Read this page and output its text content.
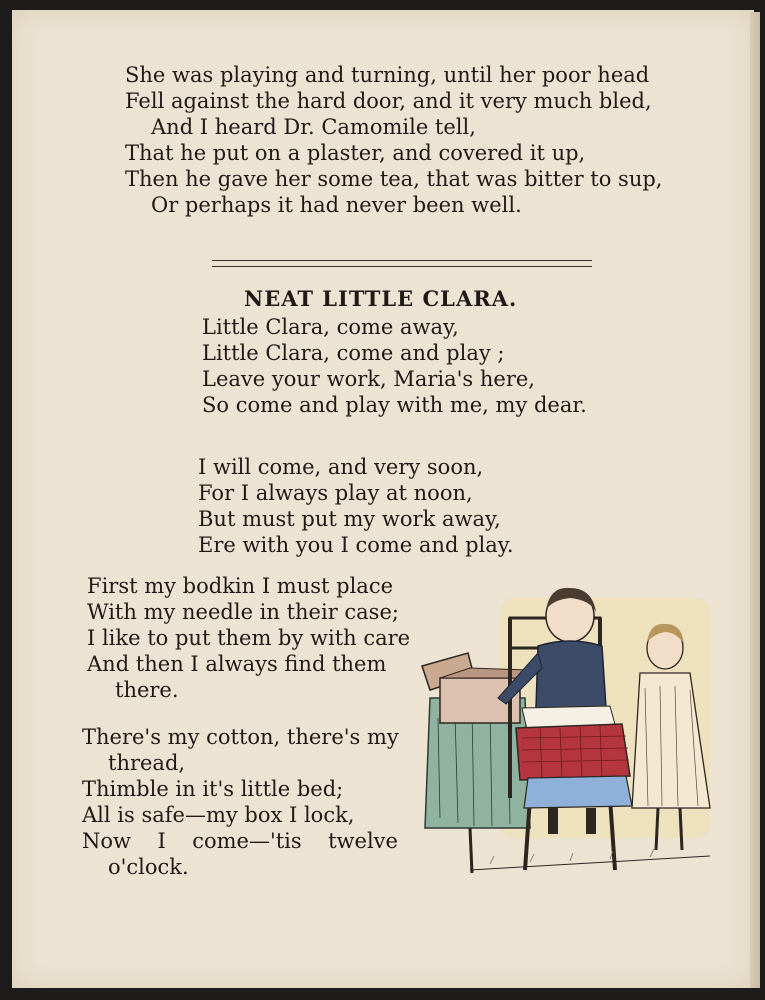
She was playing and turning, until her poor head
Fell against the hard door, and it very much bled,
And I heard Dr. Camomile tell,
That he put on a plaster, and covered it up,
Then he gave her some tea, that was bitter to sup,
Or perhaps it had never been well.
NEAT LITTLE CLARA.
Little Clara, come away,
Little Clara, come and play ;
Leave your work, Maria's here,
So come and play with me, my dear.
I will come, and very soon,
For I always play at noon,
But must put my work away,
Ere with you I come and play.
First my bodkin I must place
With my needle in their case;
I like to put them by with care
And then I always find them
there.
There's my cotton, there's my
thread,
Thimble in it's little bed;
All is safe—my box I lock,
Now I come—'tis twelve
o'clock.
